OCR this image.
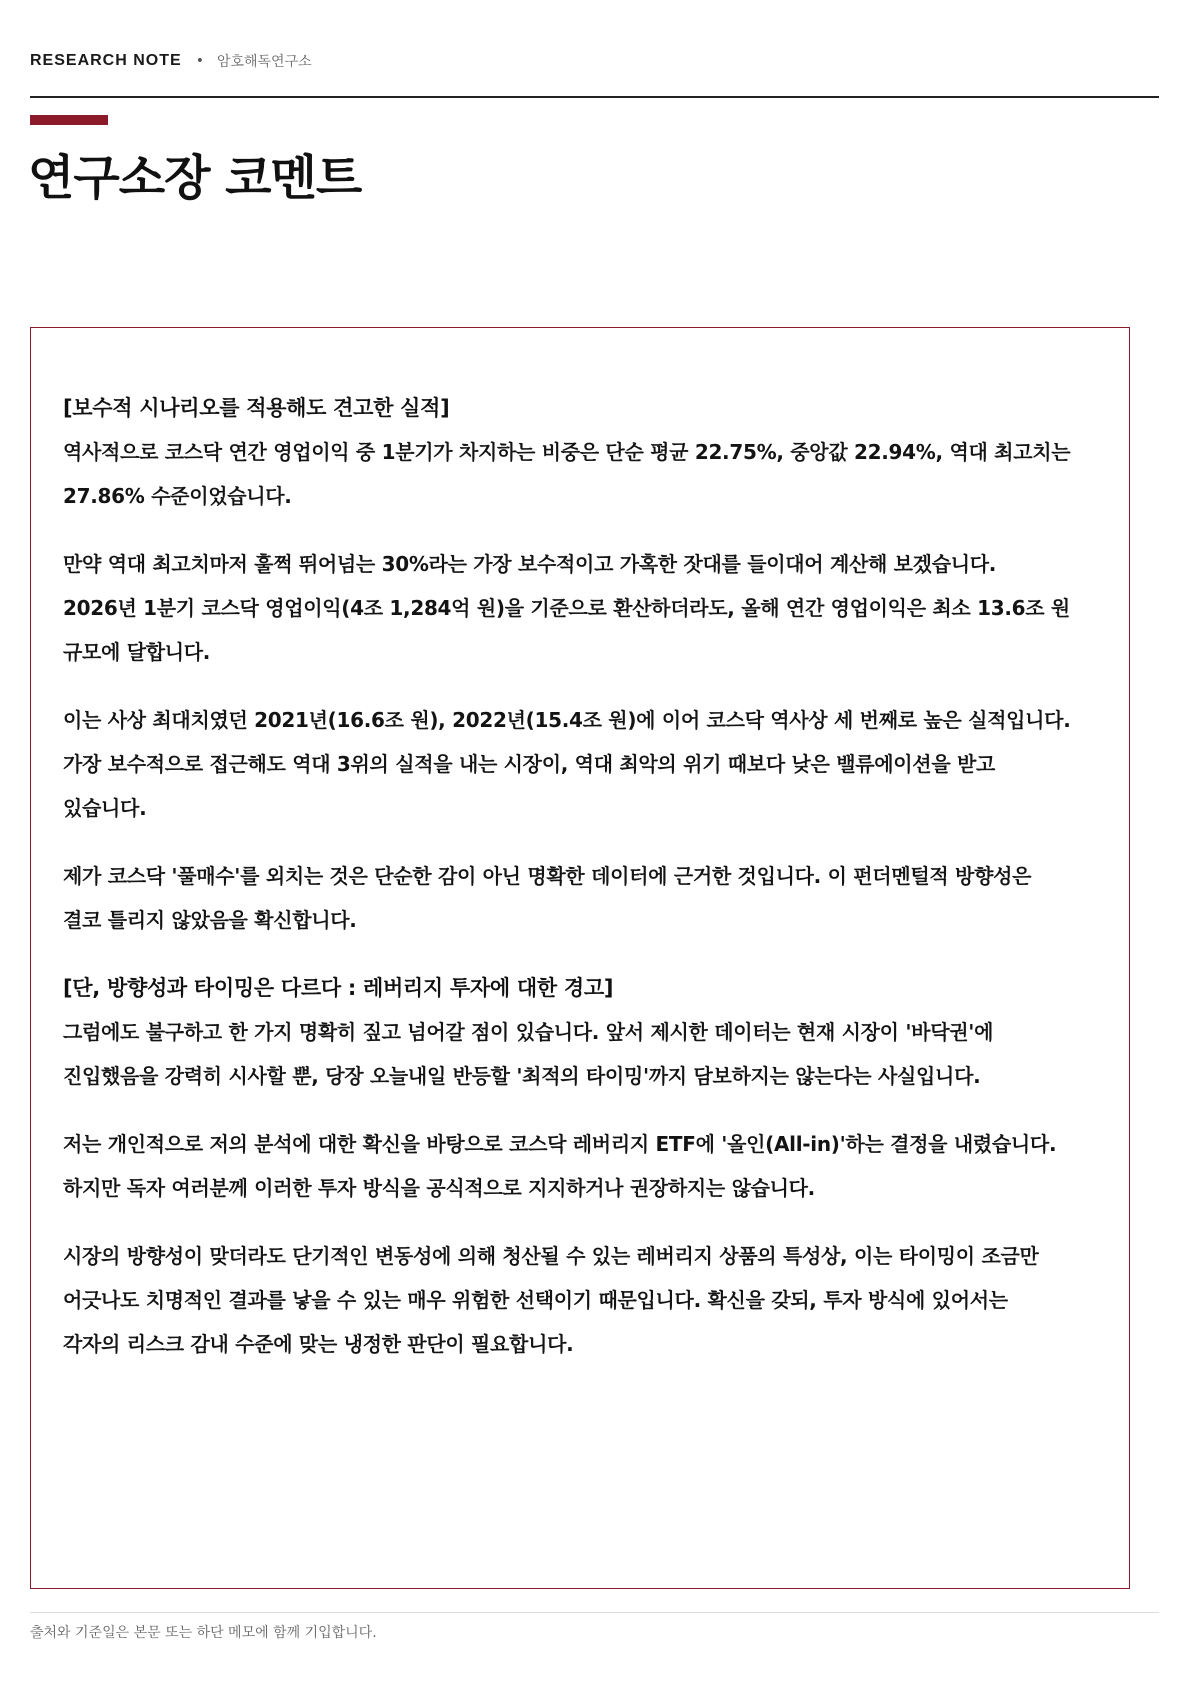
RESEARCH NOTE • 암호해독연구소
연구소장 코멘트
[보수적 시나리오를 적용해도 견고한 실적]
역사적으로 코스닥 연간 영업이익 중 1분기가 차지하는 비중은 단순 평균 22.75%, 중앙값 22.94%, 역대 최고치는
27.86% 수준이었습니다.
만약 역대 최고치마저 훌쩍 뛰어넘는 30%라는 가장 보수적이고 가혹한 잣대를 들이대어 계산해 보겠습니다.
2026년 1분기 코스닥 영업이익(4조 1,284억 원)을 기준으로 환산하더라도, 올해 연간 영업이익은 최소 13.6조 원
규모에 달합니다.
이는 사상 최대치였던 2021년(16.6조 원), 2022년(15.4조 원)에 이어 코스닥 역사상 세 번째로 높은 실적입니다.
가장 보수적으로 접근해도 역대 3위의 실적을 내는 시장이, 역대 최악의 위기 때보다 낮은 밸류에이션을 받고
있습니다.
제가 코스닥 '풀매수'를 외치는 것은 단순한 감이 아닌 명확한 데이터에 근거한 것입니다. 이 펀더멘털적 방향성은
결코 틀리지 않았음을 확신합니다.
[단, 방향성과 타이밍은 다르다 : 레버리지 투자에 대한 경고]
그럼에도 불구하고 한 가지 명확히 짚고 넘어갈 점이 있습니다. 앞서 제시한 데이터는 현재 시장이 '바닥권'에
진입했음을 강력히 시사할 뿐, 당장 오늘내일 반등할 '최적의 타이밍'까지 담보하지는 않는다는 사실입니다.
저는 개인적으로 저의 분석에 대한 확신을 바탕으로 코스닥 레버리지 ETF에 '올인(All-in)'하는 결정을 내렸습니다.
하지만 독자 여러분께 이러한 투자 방식을 공식적으로 지지하거나 권장하지는 않습니다.
시장의 방향성이 맞더라도 단기적인 변동성에 의해 청산될 수 있는 레버리지 상품의 특성상, 이는 타이밍이 조금만
어긋나도 치명적인 결과를 낳을 수 있는 매우 위험한 선택이기 때문입니다. 확신을 갖되, 투자 방식에 있어서는
각자의 리스크 감내 수준에 맞는 냉정한 판단이 필요합니다.
출처와 기준일은 본문 또는 하단 메모에 함께 기입합니다.
